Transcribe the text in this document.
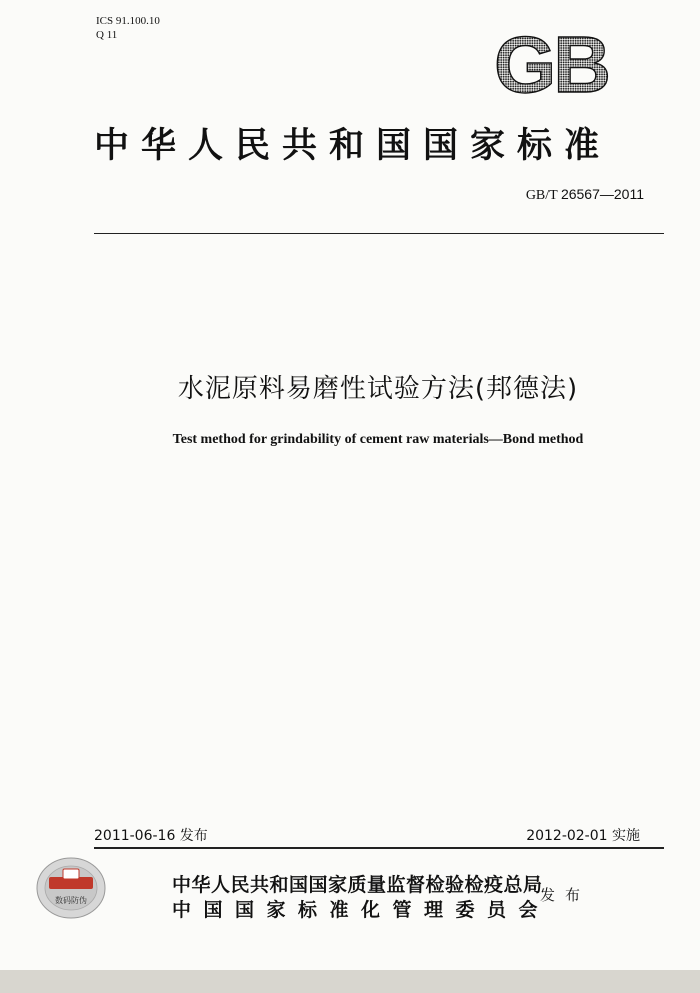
ICS 91.100.10
Q 11	GB
中华人民共和国国家标准
GB/T 26567—2011
水泥原料易磨性试验方法(邦德法)
Test method for grindability of cement raw materials—Bond method
2011-06-16 发布	2012-02-01 实施
数码防伪
中华人民共和国国家质量监督检验检疫总局
中国国家标准化管理委员会
发布
